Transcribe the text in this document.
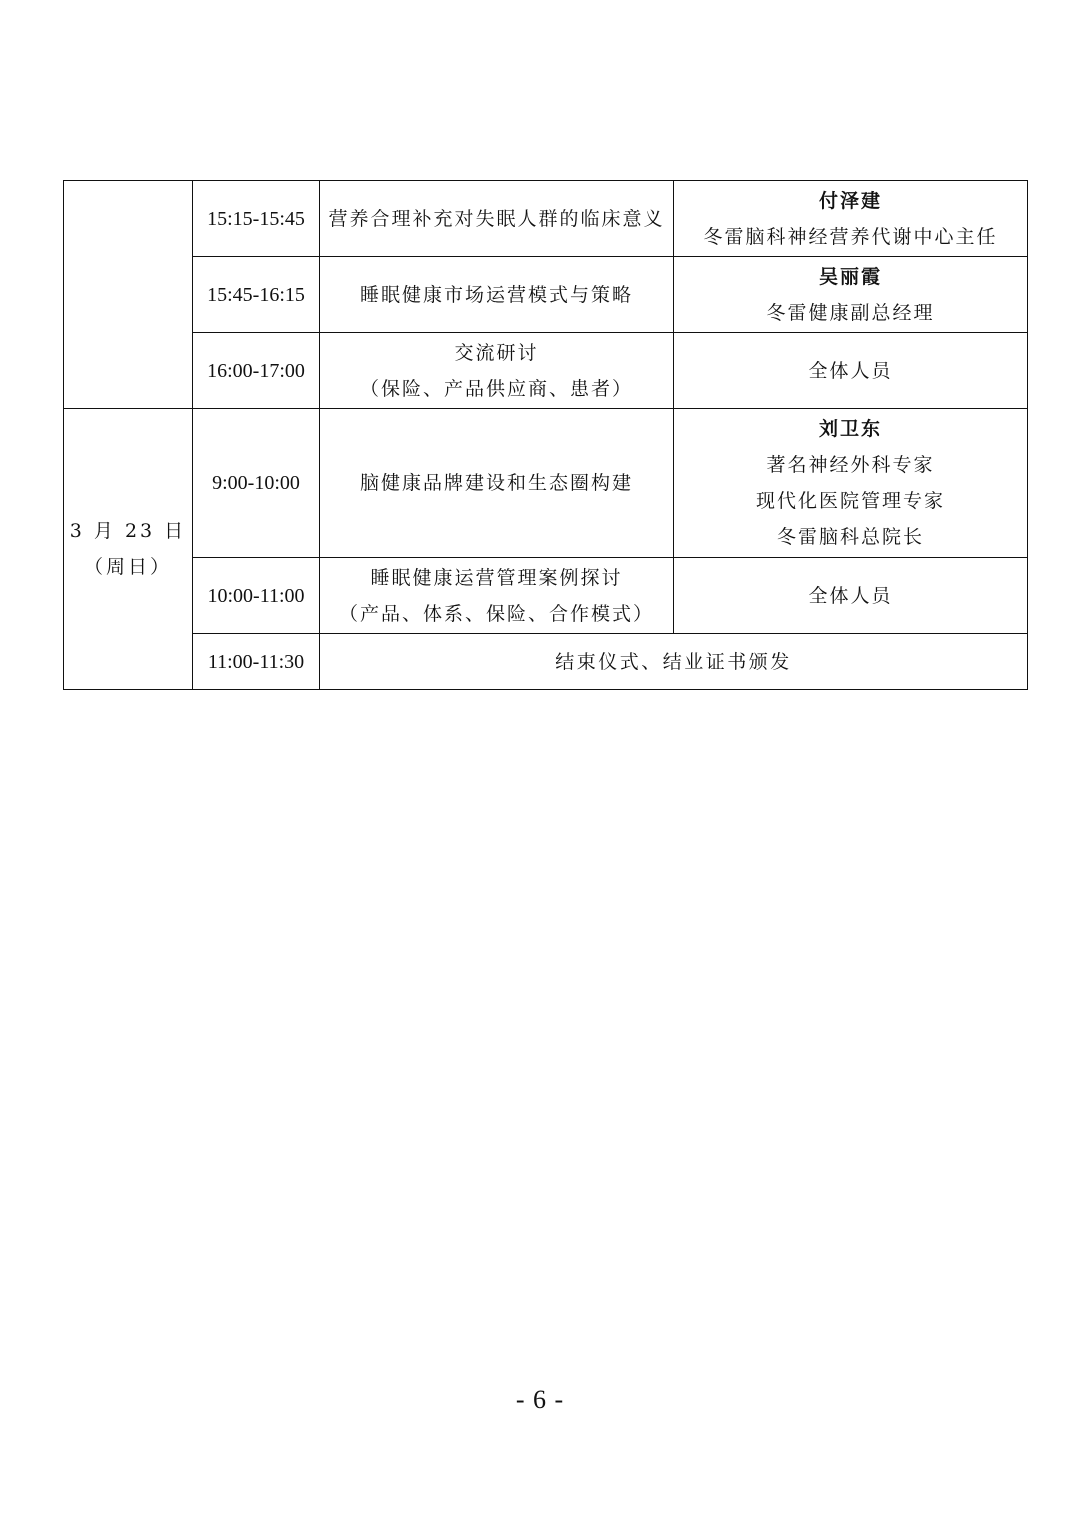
	15:15-15:45	营养合理补充对失眠人群的临床意义	付泽建
冬雷脑科神经营养代谢中心主任

	15:45-16:15	睡眠健康市场运营模式与策略	吴丽霞
冬雷健康副总经理

	16:00-17:00	交流研讨
（保险、产品供应商、患者）	全体人员

3 月 23 日
（周日）	9:00-10:00	脑健康品牌建设和生态圈构建	刘卫东
著名神经外科专家
现代化医院管理专家
冬雷脑科总院长

	10:00-11:00	睡眠健康运营管理案例探讨
（产品、体系、保险、合作模式）	全体人员

	11:00-11:30	结束仪式、结业证书颁发	
- 6 -
